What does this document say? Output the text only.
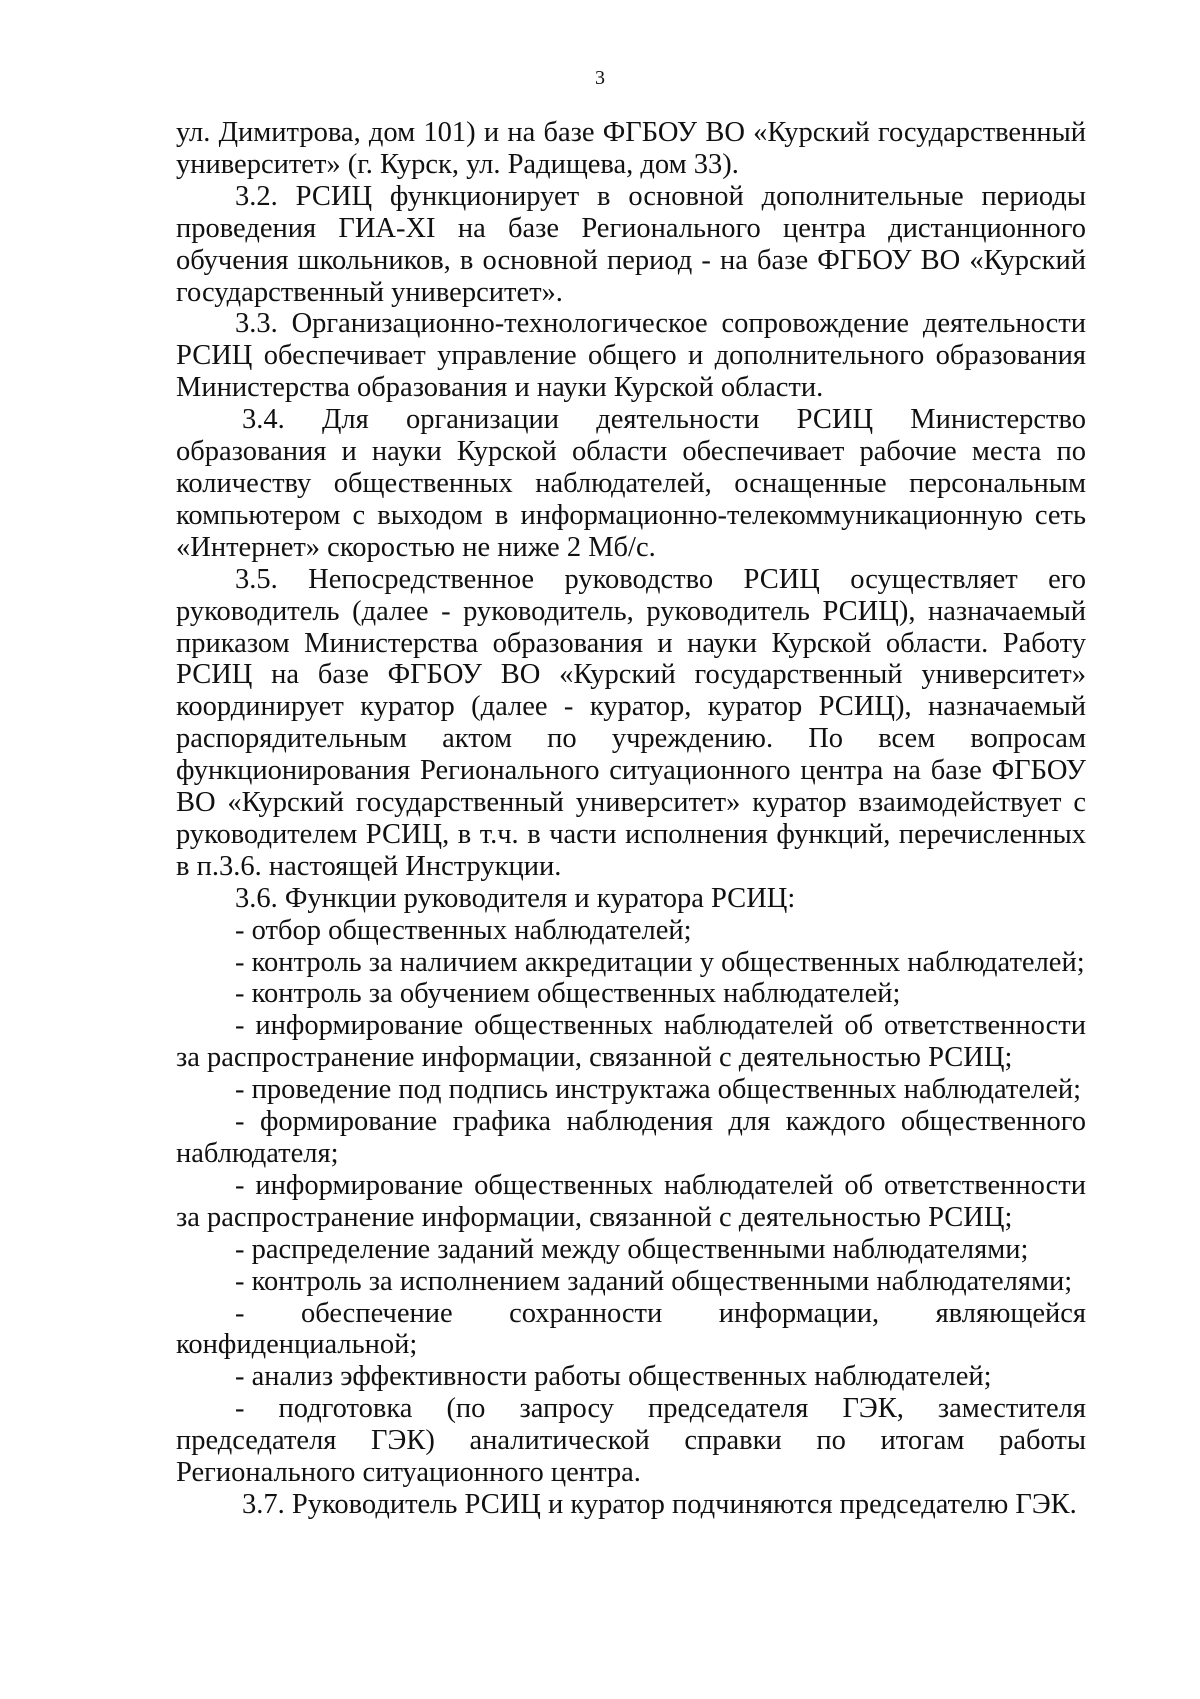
3

ул. Димитрова, дом 101) и на базе ФГБОУ ВО «Курский государственный университет» (г. Курск, ул. Радищева, дом 33).

3.2. РСИЦ функционирует в основной дополнительные периоды проведения ГИА-XI на базе Регионального центра дистанционного обучения школьников, в основной период - на базе ФГБОУ ВО «Курский государственный университет».

3.3. Организационно-технологическое сопровождение деятельности РСИЦ обеспечивает управление общего и дополнительного образования Министерства образования и науки Курской области.

3.4. Для организации деятельности РСИЦ Министерство образования и науки Курской области обеспечивает рабочие места по количеству общественных наблюдателей, оснащенные персональным компьютером с выходом в информационно-телекоммуникационную сеть «Интернет» скоростью не ниже 2 Мб/с.

3.5. Непосредственное руководство РСИЦ осуществляет его руководитель (далее - руководитель, руководитель РСИЦ), назначаемый приказом Министерства образования и науки Курской области. Работу РСИЦ на базе ФГБОУ ВО «Курский государственный университет» координирует куратор (далее - куратор, куратор РСИЦ), назначаемый распорядительным актом по учреждению. По всем вопросам функционирования Регионального ситуационного центра на базе ФГБОУ ВО «Курский государственный университет» куратор взаимодействует с руководителем РСИЦ, в т.ч. в части исполнения функций, перечисленных в п.3.6. настоящей Инструкции.

3.6. Функции руководителя и куратора РСИЦ:

- отбор общественных наблюдателей;

- контроль за наличием аккредитации у общественных наблюдателей;

- контроль за обучением общественных наблюдателей;

- информирование общественных наблюдателей об ответственности за распространение информации, связанной с деятельностью РСИЦ;

- проведение под подпись инструктажа общественных наблюдателей;

- формирование графика наблюдения для каждого общественного наблюдателя;

- информирование общественных наблюдателей об ответственности за распространение информации, связанной с деятельностью РСИЦ;

- распределение заданий между общественными наблюдателями;

- контроль за исполнением заданий общественными наблюдателями;

- обеспечение сохранности информации, являющейся конфиденциальной;

- анализ эффективности работы общественных наблюдателей;

- подготовка (по запросу председателя ГЭК, заместителя председателя ГЭК) аналитической справки по итогам работы Регионального ситуационного центра.

3.7. Руководитель РСИЦ и куратор подчиняются председателю ГЭК.
